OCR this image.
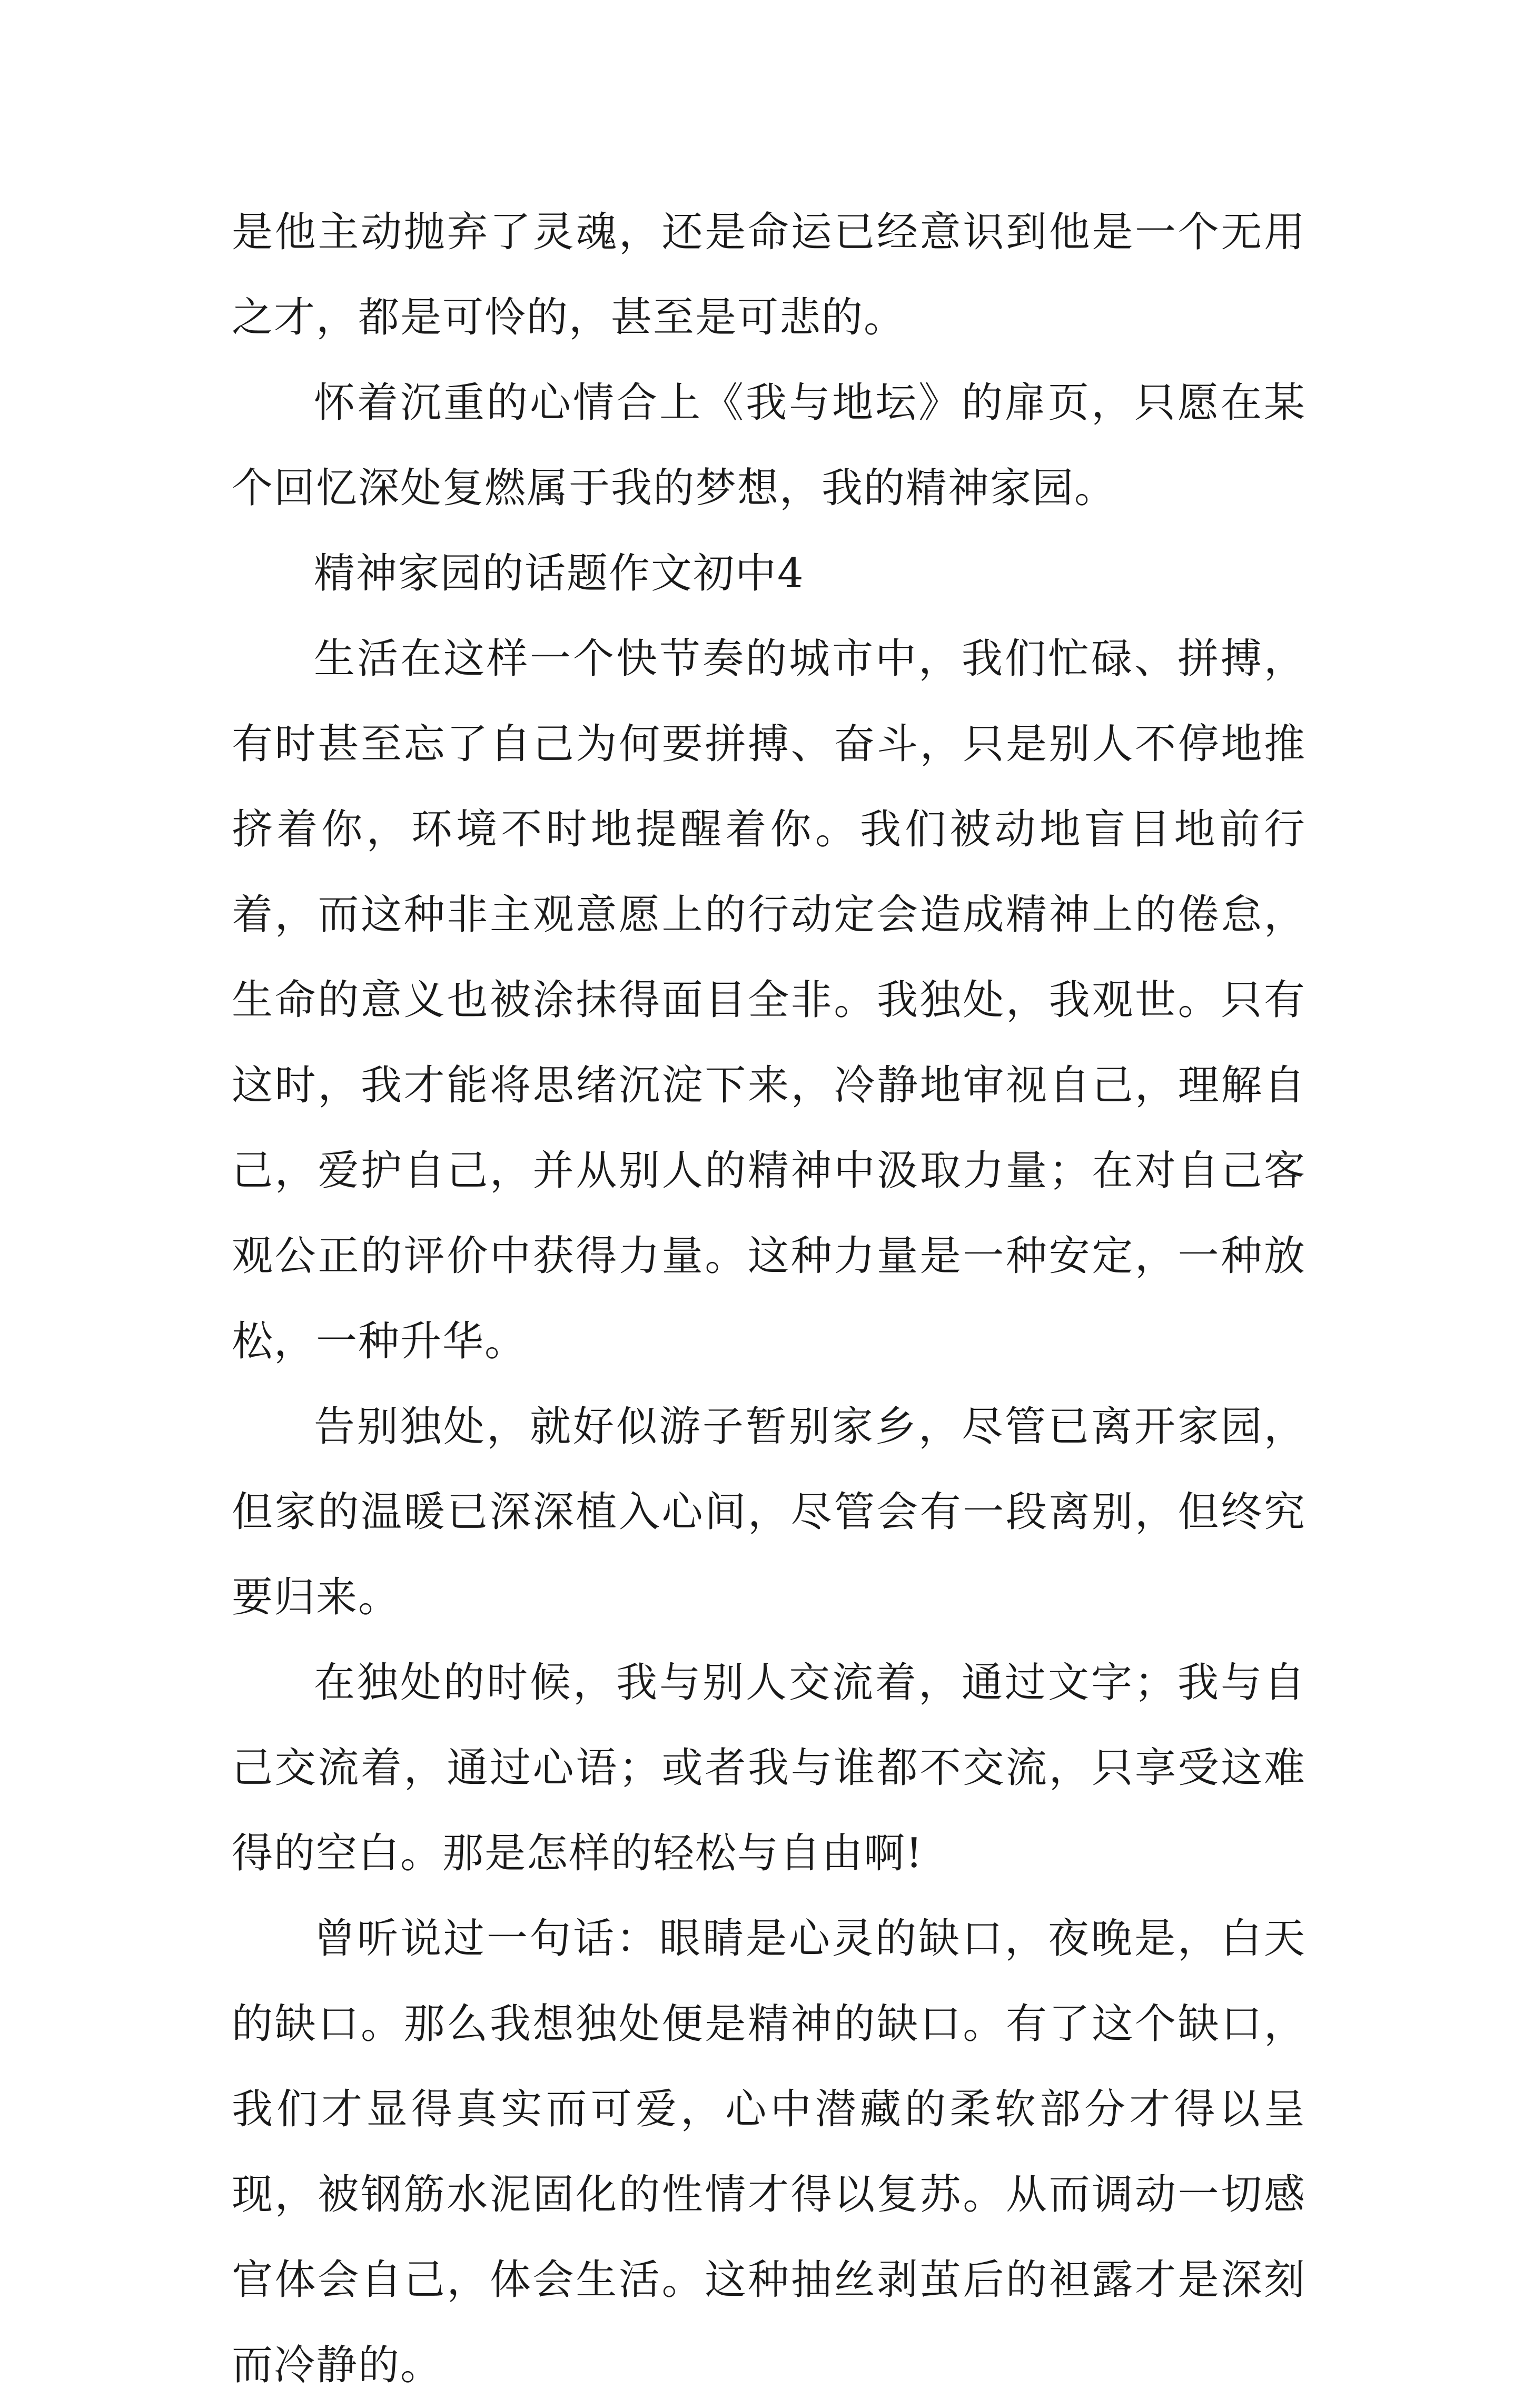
是他主动抛弃了灵魂，还是命运已经意识到他是一个无用之才，都是可怜的，甚至是可悲的。

怀着沉重的心情合上《我与地坛》的扉页，只愿在某个回忆深处复燃属于我的梦想，我的精神家园。

精神家园的话题作文初中4

生活在这样一个快节奏的城市中，我们忙碌、拼搏，有时甚至忘了自己为何要拼搏、奋斗，只是别人不停地推挤着你，环境不时地提醒着你。我们被动地盲目地前行着，而这种非主观意愿上的行动定会造成精神上的倦怠，生命的意义也被涂抹得面目全非。我独处，我观世。只有这时，我才能将思绪沉淀下来，冷静地审视自己，理解自己，爱护自己，并从别人的精神中汲取力量；在对自己客观公正的评价中获得力量。这种力量是一种安定，一种放松，一种升华。

告别独处，就好似游子暂别家乡，尽管已离开家园，但家的温暖已深深植入心间，尽管会有一段离别，但终究要归来。

在独处的时候，我与别人交流着，通过文字；我与自己交流着，通过心语；或者我与谁都不交流，只享受这难得的空白。那是怎样的轻松与自由啊!

曾听说过一句话：眼睛是心灵的缺口，夜晚是，白天的缺口。那么我想独处便是精神的缺口。有了这个缺口，我们才显得真实而可爱，心中潜藏的柔软部分才得以呈现，被钢筋水泥固化的性情才得以复苏。从而调动一切感官体会自己，体会生活。这种抽丝剥茧后的袒露才是深刻而冷静的。
